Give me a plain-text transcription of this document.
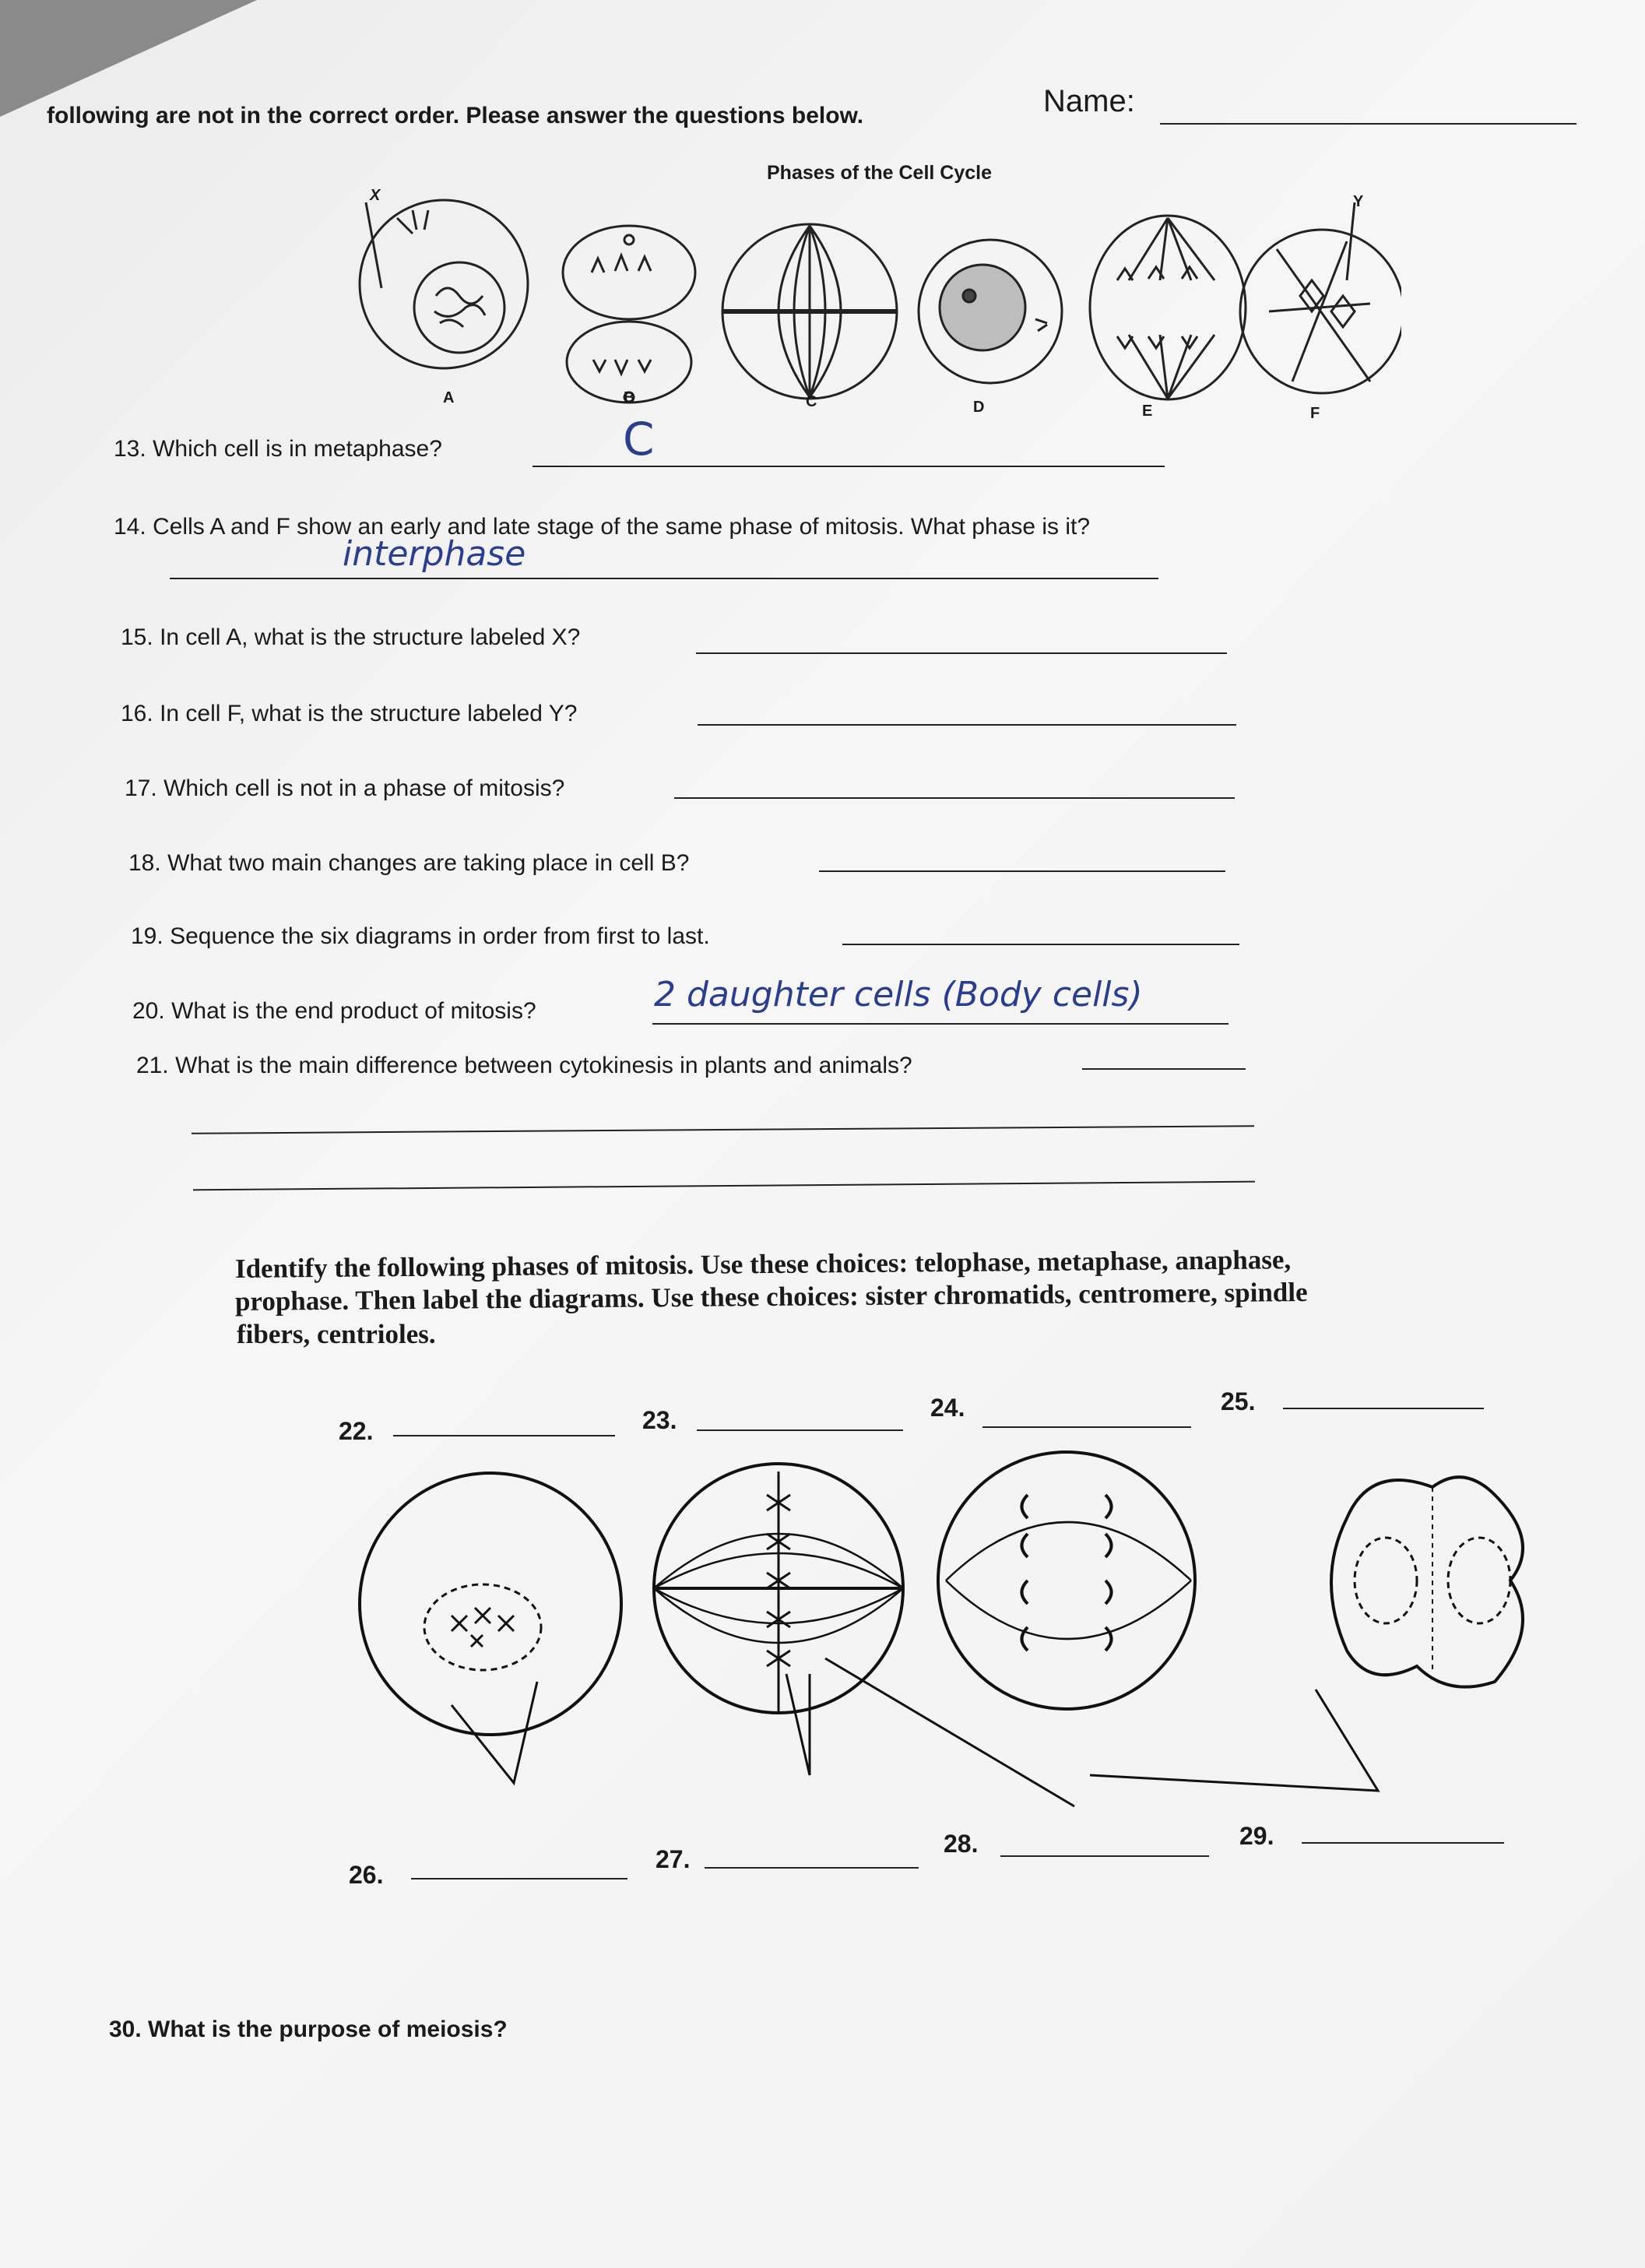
Name:
following are not in the correct order. Please answer the questions below.
Phases of the Cell Cycle
X	Y
A	B	C	D	E	F
13. Which cell is in metaphase?	C
14. Cells A and F show an early and late stage of the same phase of mitosis. What phase is it?
interphase
15. In cell A, what is the structure labeled X?
16. In cell F, what is the structure labeled Y?
17. Which cell is not in a phase of mitosis?
18. What two main changes are taking place in cell B?
19. Sequence the six diagrams in order from first to last.
20. What is the end product of mitosis?	2 daughter cells (Body cells)
21. What is the main difference between cytokinesis in plants and animals?
Identify the following phases of mitosis. Use these choices: telophase, metaphase, anaphase,
prophase. Then label the diagrams. Use these choices: sister chromatids, centromere, spindle
fibers, centrioles.
22.	23.	24.	25.
26.
27.
28.	29.
30. What is the purpose of meiosis?
